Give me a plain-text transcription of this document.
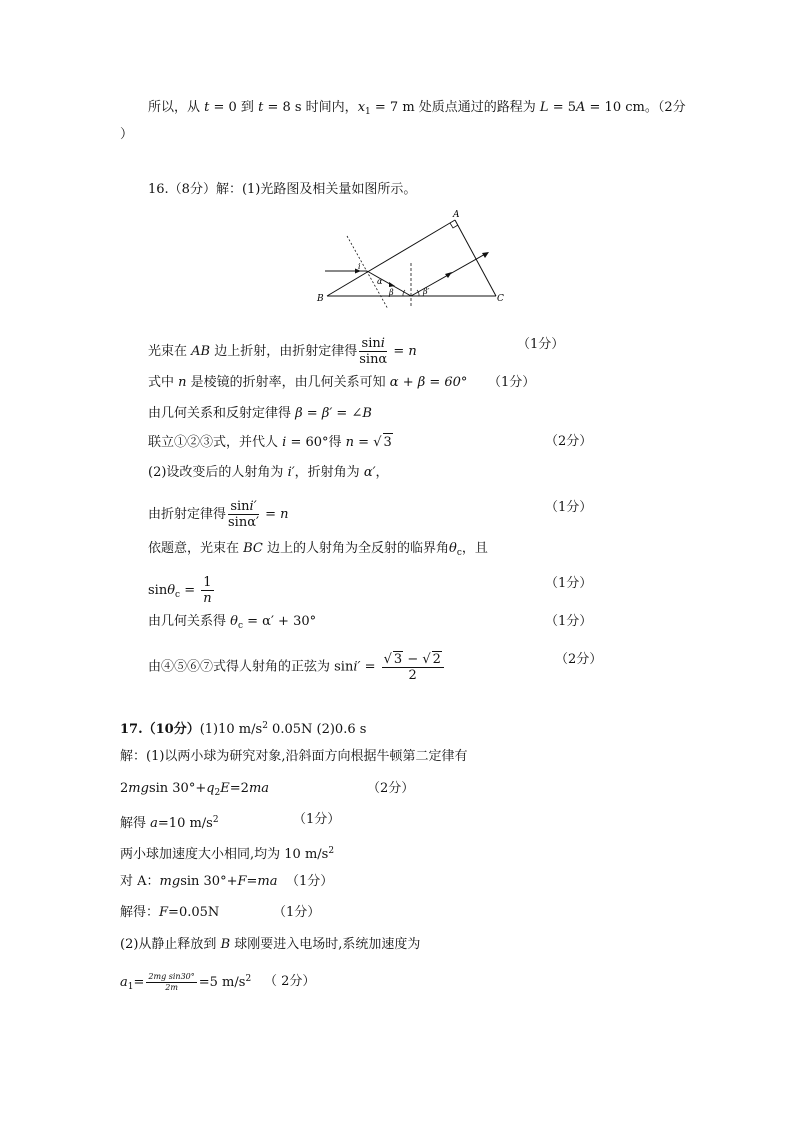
所以，从 t = 0 到 t = 8 s 时间内，$x_1 = 7$ m 处质点通过的路程为 L = 5A = 10 cm。（2分
）
16.（8分）解：(1)光路图及相关量如图所示。
A
B	C
i
α
β	β′
光束在 AB 边上折射，由折射定律得 $\frac{\sin i}{\sin\alpha} = n$	（1分）
式中 n 是棱镜的折射率，由几何关系可知 α + β = 60° （1分）
由几何关系和反射定律得 β = β′ = ∠B
联立①②③式，并代人 i = 60°得 n = √ 3	（2分）
(2)设改变后的人射角为 i′，折射角为 α′，
由折射定律得 $\frac{\sin i'}{\sin\alpha'} = n$	（1分）
依题意，光束在 BC 边上的人射角为全反射的临界角$\theta_c$，且
$\sin\theta_c = \frac{1}{n}$	（1分）
由几何关系得 $\theta_c = \alpha' + 30^\circ$	（1分）
由④⑤⑥⑦式得人射角的正弦为 $\sin i' = \frac{√ 3 - √ 2}{2}$	（2分）
17.（10分）(1)10 $m/s^2$ 0.05N (2)0.6 s
解：(1)以两小球为研究对象,沿斜面方向根据牛顿第二定律有
2mgsin $30^\circ+q_2E=2ma$	（2分）
解得 a=10 $m/s^2$	（1分）
两小球加速度大小相同,均为 10 $m/s^2$
对 A：mgsin 30°+F=ma （1分）
解得：F=0.05N	（1分）
(2)从静止释放到 B 球刚要进入电场时,系统加速度为
$a_1= \frac{\text{2mg sin30°}}{2m} =5$ $m/s^2$ （ 2分）
